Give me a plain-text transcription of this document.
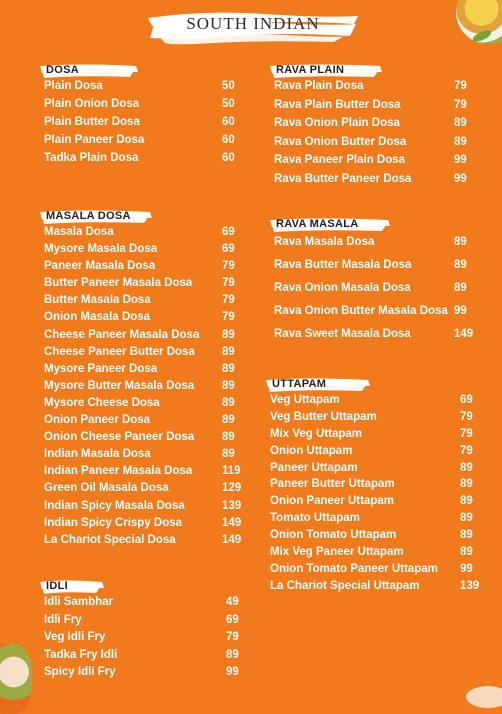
SOUTH INDIAN
DOSA
Plain Dosa	50
Plain Onion Dosa	50
Plain Butter Dosa	60
Plain Paneer Dosa	60
Tadka Plain Dosa	60
RAVA PLAIN
Rava Plain Dosa	79
Rava Plain Butter Dosa	79
Rava Onion Plain Dosa	89
Rava Onion Butter Dosa	89
Rava Paneer Plain Dosa	99
Rava Butter Paneer Dosa	99
MASALA DOSA
Masala Dosa	69
Mysore Masala Dosa	69
Paneer Masala Dosa	79
Butter Paneer Masala Dosa	79
Butter Masala Dosa	79
Onion Masala Dosa	79
Cheese Paneer Masala Dosa 89
Cheese Paneer Butter Dosa 89
Mysore Paneer Dosa	89
Mysore Butter Masala Dosa 89
Mysore Cheese Dosa	89
Onion Paneer Dosa	89
Onion Cheese Paneer Dosa 89
Indian Masala Dosa	89
Indian Paneer Masala Dosa	119
Green Oil Masala Dosa	129
Indian Spicy Masala Dosa	139
Indian Spicy Crispy Dosa	149
La Chariot Special Dosa	149
RAVA MASALA
Rava Masala Dosa	89
Rava Butter Masala Dosa	89
Rava Onion Masala Dosa	89
Rava Onion Butter Masala Dosa 99
Rava Sweet Masala Dosa	149
UTTAPAM
Veg Uttapam	69
Veg Butter Uttapam	79
Mix Veg Uttapam	79
Onion Uttapam	79
Paneer Uttapam	89
Paneer Butter Uttapam	89
Onion Paneer Uttapam	89
Tomato Uttapam	89
Onion Tomato Uttapam	89
Mix Veg Paneer Uttapam	89
Onion Tomato Paneer Uttapam 99
La Chariot Special Uttapam	139
IDLI
Idli Sambhar	49
Idli Fry	69
Veg Idli Fry	79
Tadka Fry Idli	89
Spicy Idli Fry	99
